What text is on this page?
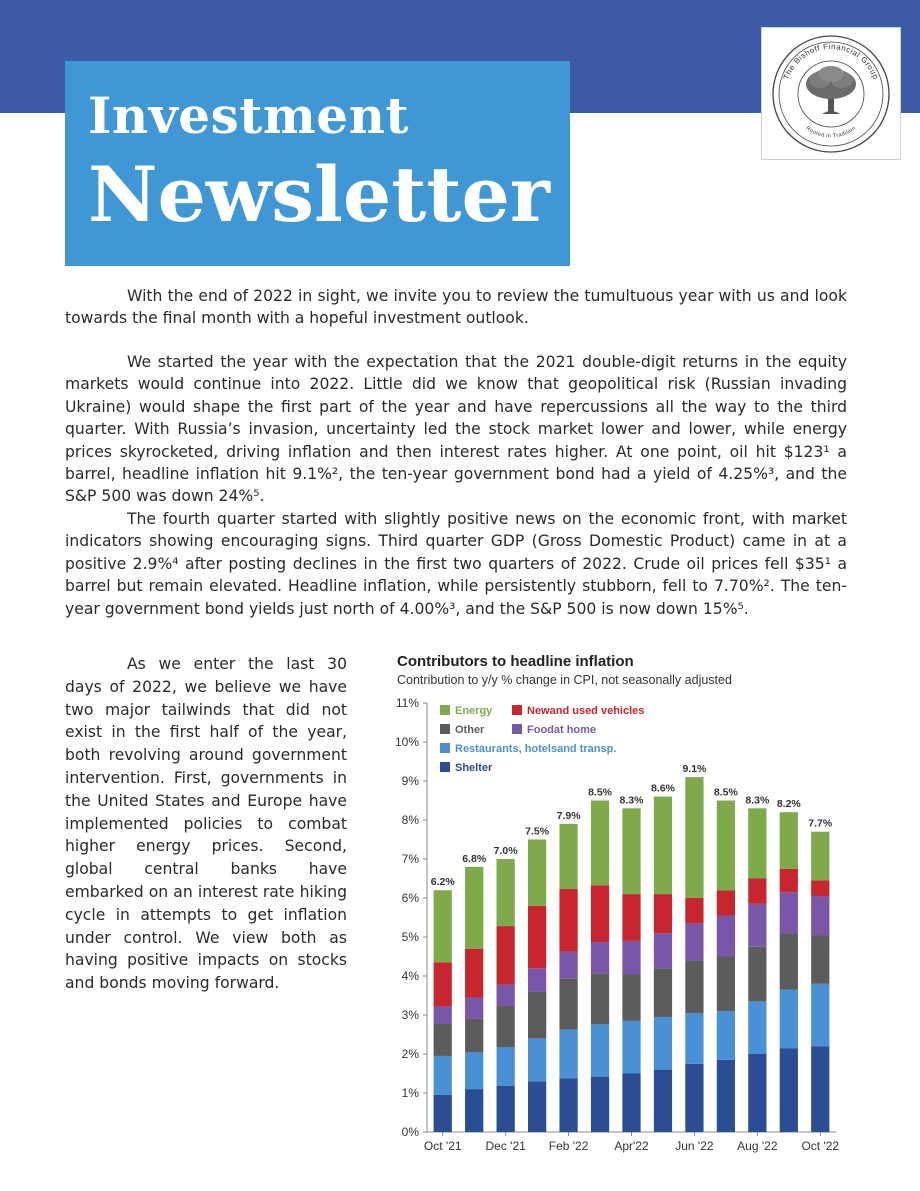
Investment
Newsletter
The Bishoff Financial Group
Rooted in Tradition

With the end of 2022 in sight, we invite you to review the tumultuous year with us and look towards the final month with a hopeful investment outlook.

We started the year with the expectation that the 2021 double-digit returns in the equity markets would continue into 2022. Little did we know that geopolitical risk (Russian invading Ukraine) would shape the first part of the year and have repercussions all the way to the third quarter. With Russia’s invasion, uncertainty led the stock market lower and lower, while energy prices skyrocketed, driving inflation and then interest rates higher. At one point, oil hit $123¹ a barrel, headline inflation hit 9.1%², the ten-year government bond had a yield of 4.25%³, and the S&P 500 was down 24%⁵.

The fourth quarter started with slightly positive news on the economic front, with market indicators showing encouraging signs. Third quarter GDP (Gross Domestic Product) came in at a positive 2.9%⁴ after posting declines in the first two quarters of 2022. Crude oil prices fell $35¹ a barrel but remain elevated. Headline inflation, while persistently stubborn, fell to 7.70%². The ten-year government bond yields just north of 4.00%³, and the S&P 500 is now down 15%⁵.

As we enter the last 30 days of 2022, we believe we have two major tailwinds that did not exist in the first half of the year, both revolving around government intervention. First, governments in the United States and Europe have implemented policies to combat higher energy prices. Second, global central banks have embarked on an interest rate hiking cycle in attempts to get inflation under control. We view both as having positive impacts on stocks and bonds moving forward.

Contributors to headline inflation
Contribution to y/y % change in CPI, not seasonally adjusted
0%
1%
2%
3%
4%
5%
6%
7%
8%
9%
10%
11%
6.2%
6.8%
7.0%
7.5%
7.9%
8.5%
8.3%
8.6%
9.1%
8.5%
8.3% 8.2%
7.7%
Oct '21 Dec '21 Feb '22 Apr'22 Jun '22 Aug '22 Oct '22
Energy	Newand used vehicles
Other	Foodat home
Restaurants, hotelsand transp.
Shelter
